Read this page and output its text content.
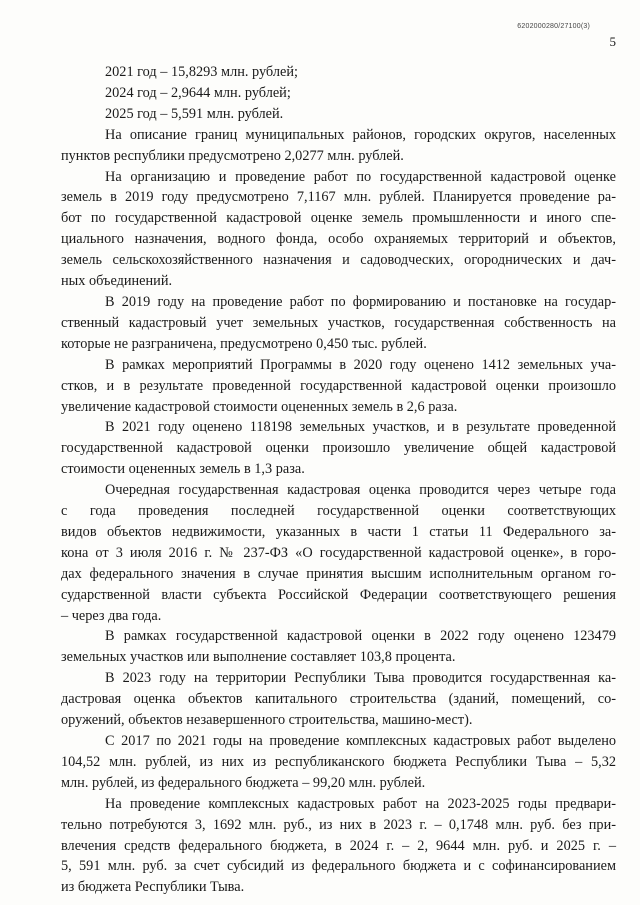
6202000280/27100(3)
5
2021 год – 15,8293 млн. рублей;
2024 год – 2,9644 млн. рублей;
2025 год – 5,591 млн. рублей.
На описание границ муниципальных районов, городских округов, населенных
пунктов республики предусмотрено 2,0277 млн. рублей.
На организацию и проведение работ по государственной кадастровой оценке
земель в 2019 году предусмотрено 7,1167 млн. рублей. Планируется проведение ра-
бот по государственной кадастровой оценке земель промышленности и иного спе-
циального назначения, водного фонда, особо охраняемых территорий и объектов,
земель сельскохозяйственного назначения и садоводческих, огороднических и дач-
ных объединений.
В 2019 году на проведение работ по формированию и постановке на государ-
ственный кадастровый учет земельных участков, государственная собственность на
которые не разграничена, предусмотрено 0,450 тыс. рублей.
В рамках мероприятий Программы в 2020 году оценено 1412 земельных уча-
стков, и в результате проведенной государственной кадастровой оценки произошло
увеличение кадастровой стоимости оцененных земель в 2,6 раза.
В 2021 году оценено 118198 земельных участков, и в результате проведенной
государственной кадастровой оценки произошло увеличение общей кадастровой
стоимости оцененных земель в 1,3 раза.
Очередная государственная кадастровая оценка проводится через четыре года
с года проведения последней государственной оценки соответствующих
видов объектов недвижимости, указанных в части 1 статьи 11 Федерального за-
кона от 3 июля 2016 г. № 237-ФЗ «О государственной кадастровой оценке», в горо-
дах федерального значения в случае принятия высшим исполнительным органом го-
сударственной власти субъекта Российской Федерации соответствующего решения
– через два года.
В рамках государственной кадастровой оценки в 2022 году оценено 123479
земельных участков или выполнение составляет 103,8 процента.
В 2023 году на территории Республики Тыва проводится государственная ка-
дастровая оценка объектов капитального строительства (зданий, помещений, со-
оружений, объектов незавершенного строительства, машино-мест).
С 2017 по 2021 годы на проведение комплексных кадастровых работ выделено
104,52 млн. рублей, из них из республиканского бюджета Республики Тыва – 5,32
млн. рублей, из федерального бюджета – 99,20 млн. рублей.
На проведение комплексных кадастровых работ на 2023-2025 годы предвари-
тельно потребуются 3, 1692 млн. руб., из них в 2023 г. – 0,1748 млн. руб. без при-
влечения средств федерального бюджета, в 2024 г. – 2, 9644 млн. руб. и 2025 г. –
5, 591 млн. руб. за счет субсидий из федерального бюджета и с софинансированием
из бюджета Республики Тыва.
